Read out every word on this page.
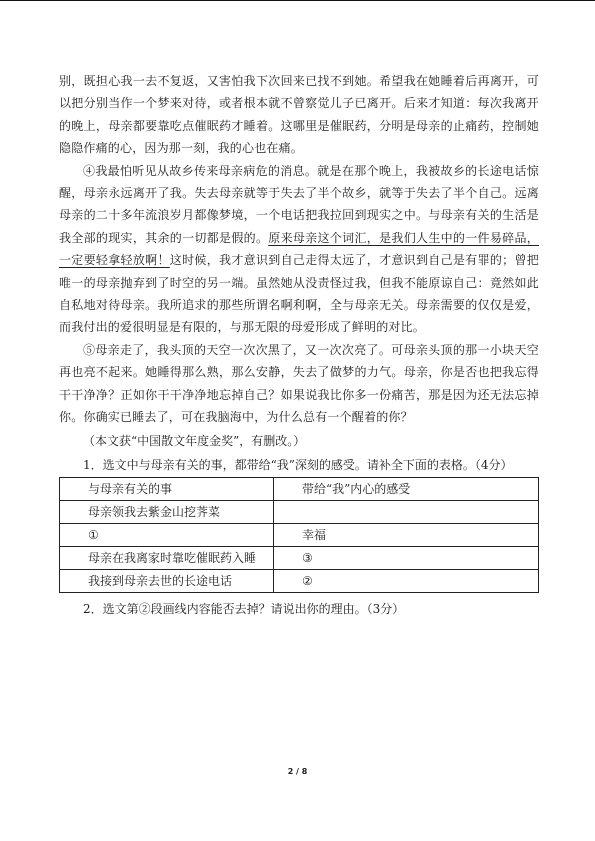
别，既担心我一去不复返，又害怕我下次回来已找不到她。希望我在她睡着后再离开，可以把分别当作一个梦来对待，或者根本就不曾察觉儿子已离开。后来才知道：每次我离开的晚上，母亲都要靠吃点催眠药才睡着。这哪里是催眠药，分明是母亲的止痛药，控制她隐隐作痛的心，因为那一刻，我的心也在痛。

④我最怕听见从故乡传来母亲病危的消息。就是在那个晚上，我被故乡的长途电话惊醒，母亲永远离开了我。失去母亲就等于失去了半个故乡，就等于失去了半个自己。远离母亲的二十多年流浪岁月都像梦境，一个电话把我拉回到现实之中。与母亲有关的生活是我全部的现实，其余的一切都是假的。原来母亲这个词汇，是我们人生中的一件易碎品，一定要轻拿轻放啊！这时候，我才意识到自己走得太远了，才意识到自己是有罪的；曾把唯一的母亲抛弃到了时空的另一端。虽然她从没责怪过我，但我不能原谅自己：竟然如此自私地对待母亲。我所追求的那些所谓名啊利啊，全与母亲无关。母亲需要的仅仅是爱，而我付出的爱很明显是有限的，与那无限的母爱形成了鲜明的对比。

⑤母亲走了，我头顶的天空一次次黑了，又一次次亮了。可母亲头顶的那一小块天空再也亮不起来。她睡得那么熟，那么安静，失去了做梦的力气。母亲，你是否也把我忘得干干净净？正如你干干净净地忘掉自己？如果说我比你多一份痛苦，那是因为还无法忘掉你。你确实已睡去了，可在我脑海中，为什么总有一个醒着的你？

（本文获“中国散文年度金奖”，有删改。）

1．选文中与母亲有关的事，都带给“我”深刻的感受。请补全下面的表格。（4分）

与母亲有关的事	带给“我”内心的感受
母亲领我去紫金山挖荠菜	
①	幸福
母亲在我离家时靠吃催眠药入睡	③
我接到母亲去世的长途电话	②

2．选文第②段画线内容能否去掉？请说出你的理由。（3分）

2 / 8
